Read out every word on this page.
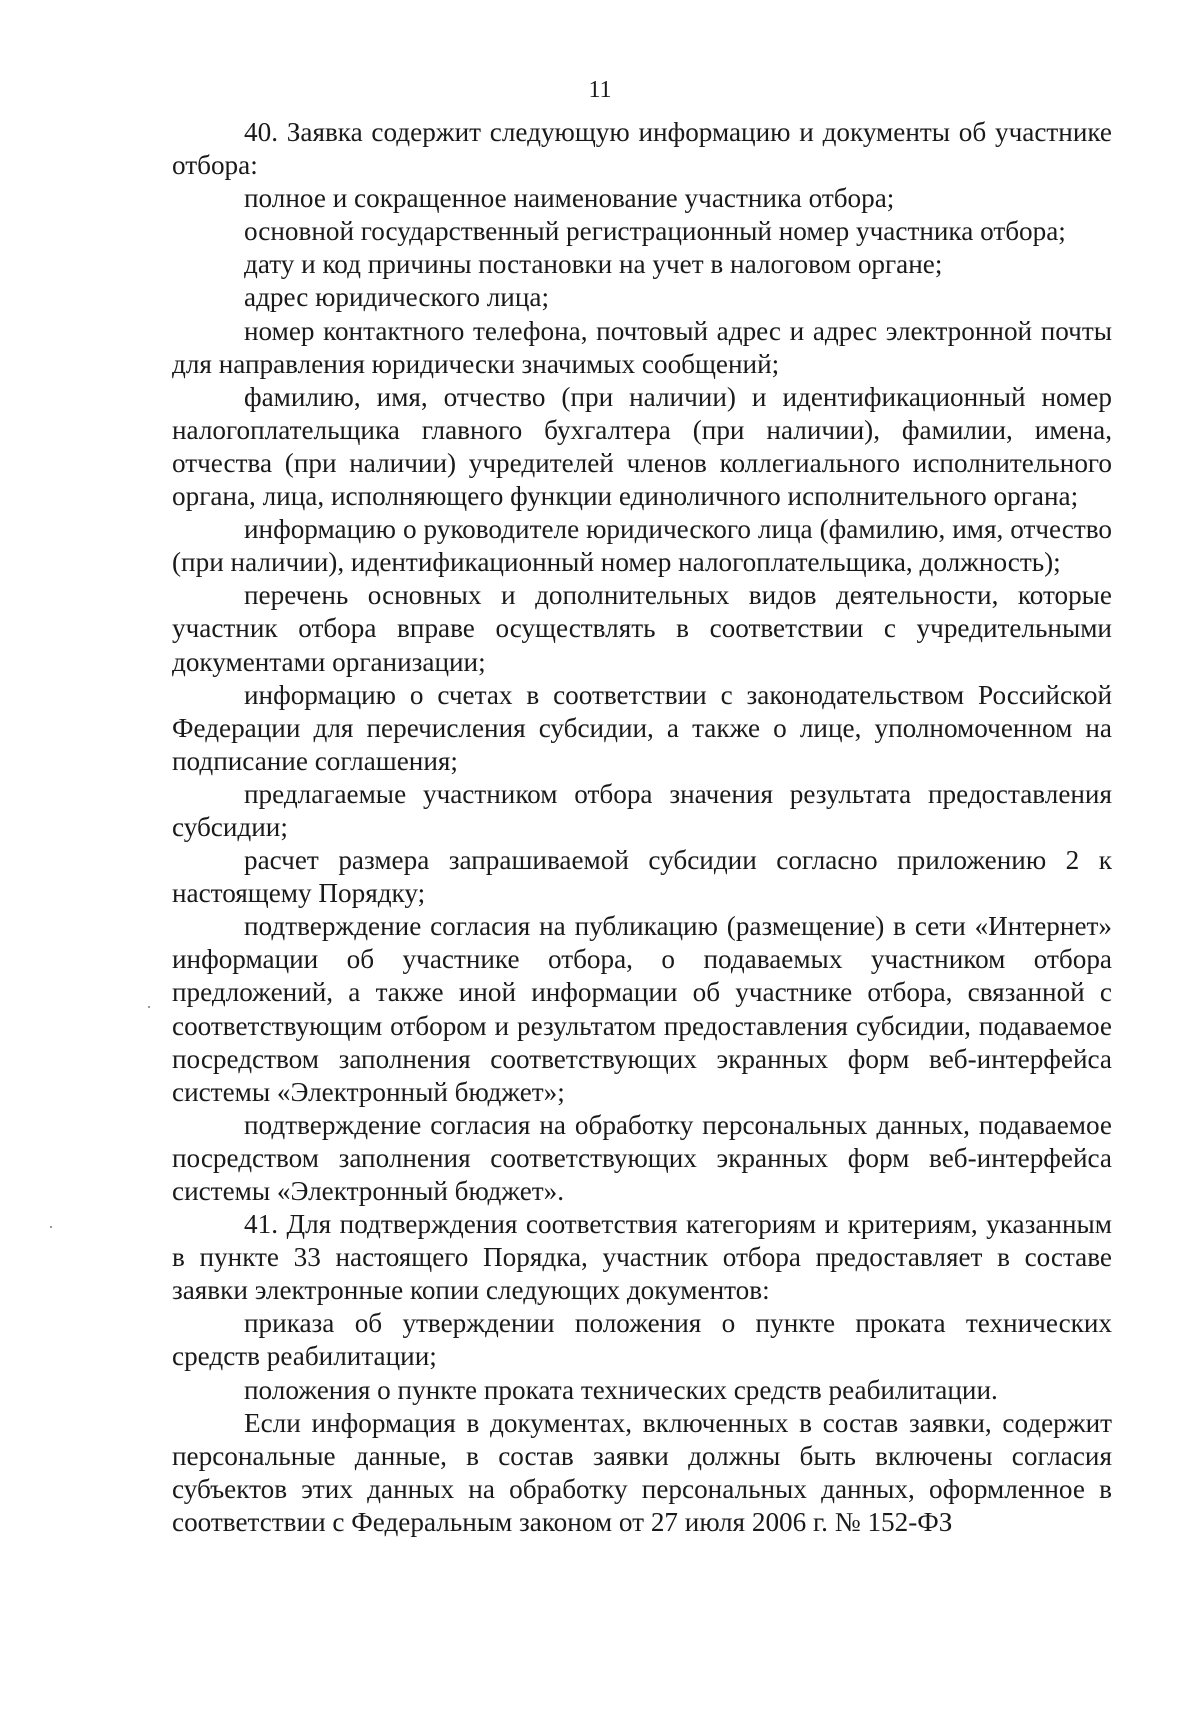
11

40. Заявка содержит следующую информацию и документы об участнике отбора:

полное и сокращенное наименование участника отбора;

основной государственный регистрационный номер участника отбора;

дату и код причины постановки на учет в налоговом органе;

адрес юридического лица;

номер контактного телефона, почтовый адрес и адрес электронной почты для направления юридически значимых сообщений;

фамилию, имя, отчество (при наличии) и идентификационный номер налогоплательщика главного бухгалтера (при наличии), фамилии, имена, отчества (при наличии) учредителей членов коллегиального исполнительного органа, лица, исполняющего функции единоличного исполнительного органа;

информацию о руководителе юридического лица (фамилию, имя, отчество (при наличии), идентификационный номер налогоплательщика, должность);

перечень основных и дополнительных видов деятельности, которые участник отбора вправе осуществлять в соответствии с учредительными документами организации;

информацию о счетах в соответствии с законодательством Российской Федерации для перечисления субсидии, а также о лице, уполномоченном на подписание соглашения;

предлагаемые участником отбора значения результата предоставления субсидии;

расчет размера запрашиваемой субсидии согласно приложению 2 к настоящему Порядку;

подтверждение согласия на публикацию (размещение) в сети «Интернет» информации об участнике отбора, о подаваемых участником отбора предложений, а также иной информации об участнике отбора, связанной с соответствующим отбором и результатом предоставления субсидии, подаваемое посредством заполнения соответствующих экранных форм веб-интерфейса системы «Электронный бюджет»;

подтверждение согласия на обработку персональных данных, подаваемое посредством заполнения соответствующих экранных форм веб-интерфейса системы «Электронный бюджет».

41. Для подтверждения соответствия категориям и критериям, указанным в пункте 33 настоящего Порядка, участник отбора предоставляет в составе заявки электронные копии следующих документов:

приказа об утверждении положения о пункте проката технических средств реабилитации;

положения о пункте проката технических средств реабилитации.

Если информация в документах, включенных в состав заявки, содержит персональные данные, в состав заявки должны быть включены согласия субъектов этих данных на обработку персональных данных, оформленное в соответствии с Федеральным законом от 27 июля 2006 г. № 152-ФЗ
